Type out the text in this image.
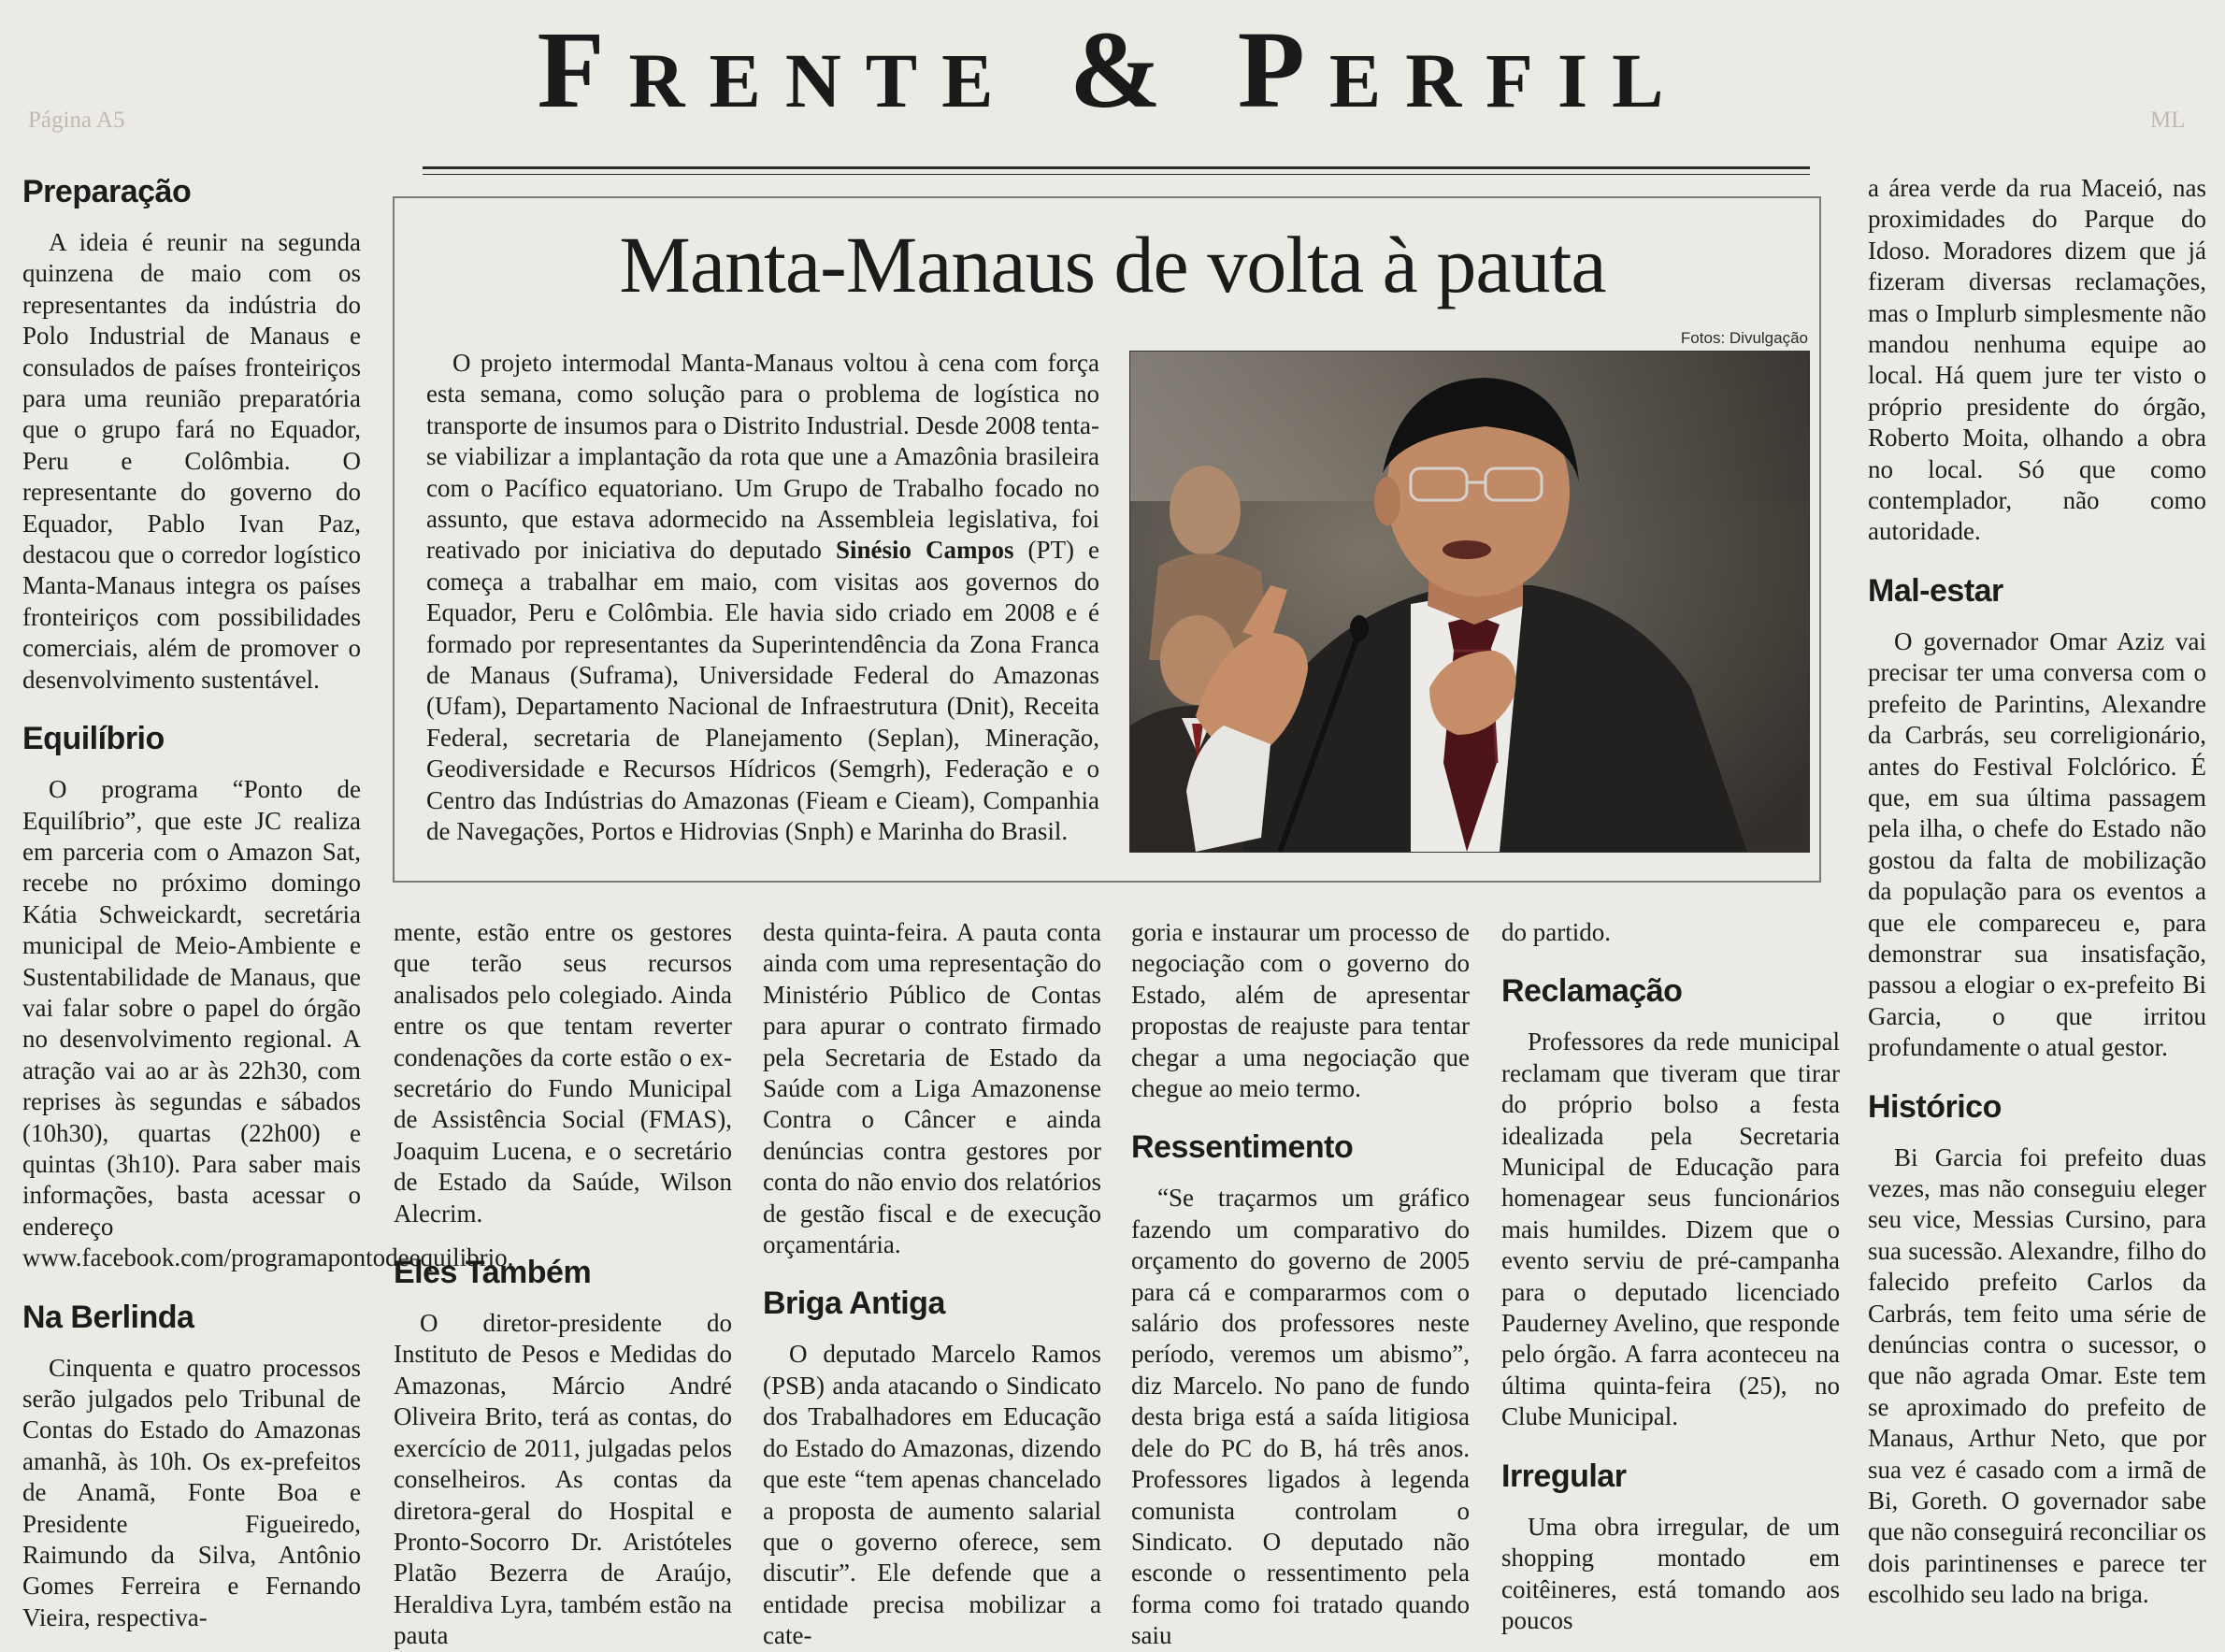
Página A5	ML
Frente & Perfil
Manta-Manaus de volta à pauta

O projeto intermodal Manta-Manaus voltou à cena com força esta semana, como solução para o problema de logística no transporte de insumos para o Distrito Industrial. Desde 2008 tenta-se viabilizar a implantação da rota que une a Amazônia brasileira com o Pacífico equatoriano. Um Grupo de Trabalho focado no assunto, que estava adormecido na Assembleia legislativa, foi reativado por iniciativa do deputado Sinésio Campos (PT) e começa a trabalhar em maio, com visitas aos governos do Equador, Peru e Colômbia. Ele havia sido criado em 2008 e é formado por representantes da Superintendência da Zona Franca de Manaus (Suframa), Universidade Federal do Amazonas (Ufam), Departamento Nacional de Infraestrutura (Dnit), Receita Federal, secretaria de Planejamento (Seplan), Mineração, Geodiversidade e Recursos Hídricos (Semgrh), Federação e o Centro das Indústrias do Amazonas (Fieam e Cieam), Companhia de Navegações, Portos e Hidrovias (Snph) e Marinha do Brasil.

Fotos: Divulgação
Preparação

A ideia é reunir na segunda quinzena de maio com os representantes da indústria do Polo Industrial de Manaus e consulados de países fronteiriços para uma reunião preparatória que o grupo fará no Equador, Peru e Colômbia. O representante do governo do Equador, Pablo Ivan Paz, destacou que o corredor logístico Manta-Manaus integra os países fronteiriços com possibilidades comerciais, além de promover o desenvolvimento sustentável.

Equilíbrio

O programa “Ponto de Equilíbrio”, que este JC realiza em parceria com o Amazon Sat, recebe no próximo domingo Kátia Schweickardt, secretária municipal de Meio-Ambiente e Sustentabilidade de Manaus, que vai falar sobre o papel do órgão no desenvolvimento regional. A atração vai ao ar às 22h30, com reprises às segundas e sábados (10h30), quartas (22h00) e quintas (3h10). Para saber mais informações, basta acessar o endereço www.facebook.com/programapontodeequilibrio.

Na Berlinda

Cinquenta e quatro processos serão julgados pelo Tribunal de Contas do Estado do Amazonas amanhã, às 10h. Os ex-prefeitos de Anamã, Fonte Boa e Presidente Figueiredo, Raimundo da Silva, Antônio Gomes Ferreira e Fernando Vieira, respectiva-

mente, estão entre os gestores que terão seus recursos analisados pelo colegiado. Ainda entre os que tentam reverter condenações da corte estão o ex-secretário do Fundo Municipal de Assistência Social (FMAS), Joaquim Lucena, e o secretário de Estado da Saúde, Wilson Alecrim.

Eles Também

O diretor-presidente do Instituto de Pesos e Medidas do Amazonas, Márcio André Oliveira Brito, terá as contas, do exercício de 2011, julgadas pelos conselheiros. As contas da diretora-geral do Hospital e Pronto-Socorro Dr. Aristóteles Platão Bezerra de Araújo, Heraldiva Lyra, também estão na pauta

desta quinta-feira. A pauta conta ainda com uma representação do Ministério Público de Contas para apurar o contrato firmado pela Secretaria de Estado da Saúde com a Liga Amazonense Contra o Câncer e ainda denúncias contra gestores por conta do não envio dos relatórios de gestão fiscal e de execução orçamentária.

Briga Antiga

O deputado Marcelo Ramos (PSB) anda atacando o Sindicato dos Trabalhadores em Educação do Estado do Amazonas, dizendo que este “tem apenas chancelado a proposta de aumento salarial que o governo oferece, sem discutir”. Ele defende que a entidade precisa mobilizar a cate-

goria e instaurar um processo de negociação com o governo do Estado, além de apresentar propostas de reajuste para tentar chegar a uma negociação que chegue ao meio termo.

Ressentimento

“Se traçarmos um gráfico fazendo um comparativo do orçamento do governo de 2005 para cá e compararmos com o salário dos professores neste período, veremos um abismo”, diz Marcelo. No pano de fundo desta briga está a saída litigiosa dele do PC do B, há três anos. Professores ligados à legenda comunista controlam o Sindicato. O deputado não esconde o ressentimento pela forma como foi tratado quando saiu

do partido.

Reclamação

Professores da rede municipal reclamam que tiveram que tirar do próprio bolso a festa idealizada pela Secretaria Municipal de Educação para homenagear seus funcionários mais humildes. Dizem que o evento serviu de pré-campanha para o deputado licenciado Pauderney Avelino, que responde pelo órgão. A farra aconteceu na última quinta-feira (25), no Clube Municipal.

Irregular

Uma obra irregular, de um shopping montado em coitêineres, está tomando aos poucos

a área verde da rua Maceió, nas proximidades do Parque do Idoso. Moradores dizem que já fizeram diversas reclamações, mas o Implurb simplesmente não mandou nenhuma equipe ao local. Há quem jure ter visto o próprio presidente do órgão, Roberto Moita, olhando a obra no local. Só que como contemplador, não como autoridade.

Mal-estar

O governador Omar Aziz vai precisar ter uma conversa com o prefeito de Parintins, Alexandre da Carbrás, seu correligionário, antes do Festival Folclórico. É que, em sua última passagem pela ilha, o chefe do Estado não gostou da falta de mobilização da população para os eventos a que ele compareceu e, para demonstrar sua insatisfação, passou a elogiar o ex-prefeito Bi Garcia, o que irritou profundamente o atual gestor.

Histórico

Bi Garcia foi prefeito duas vezes, mas não conseguiu eleger seu vice, Messias Cursino, para sua sucessão. Alexandre, filho do falecido prefeito Carlos da Carbrás, tem feito uma série de denúncias contra o sucessor, o que não agrada Omar. Este tem se aproximado do prefeito de Manaus, Arthur Neto, que por sua vez é casado com a irmã de Bi, Goreth. O governador sabe que não conseguirá reconciliar os dois parintinenses e parece ter escolhido seu lado na briga.
